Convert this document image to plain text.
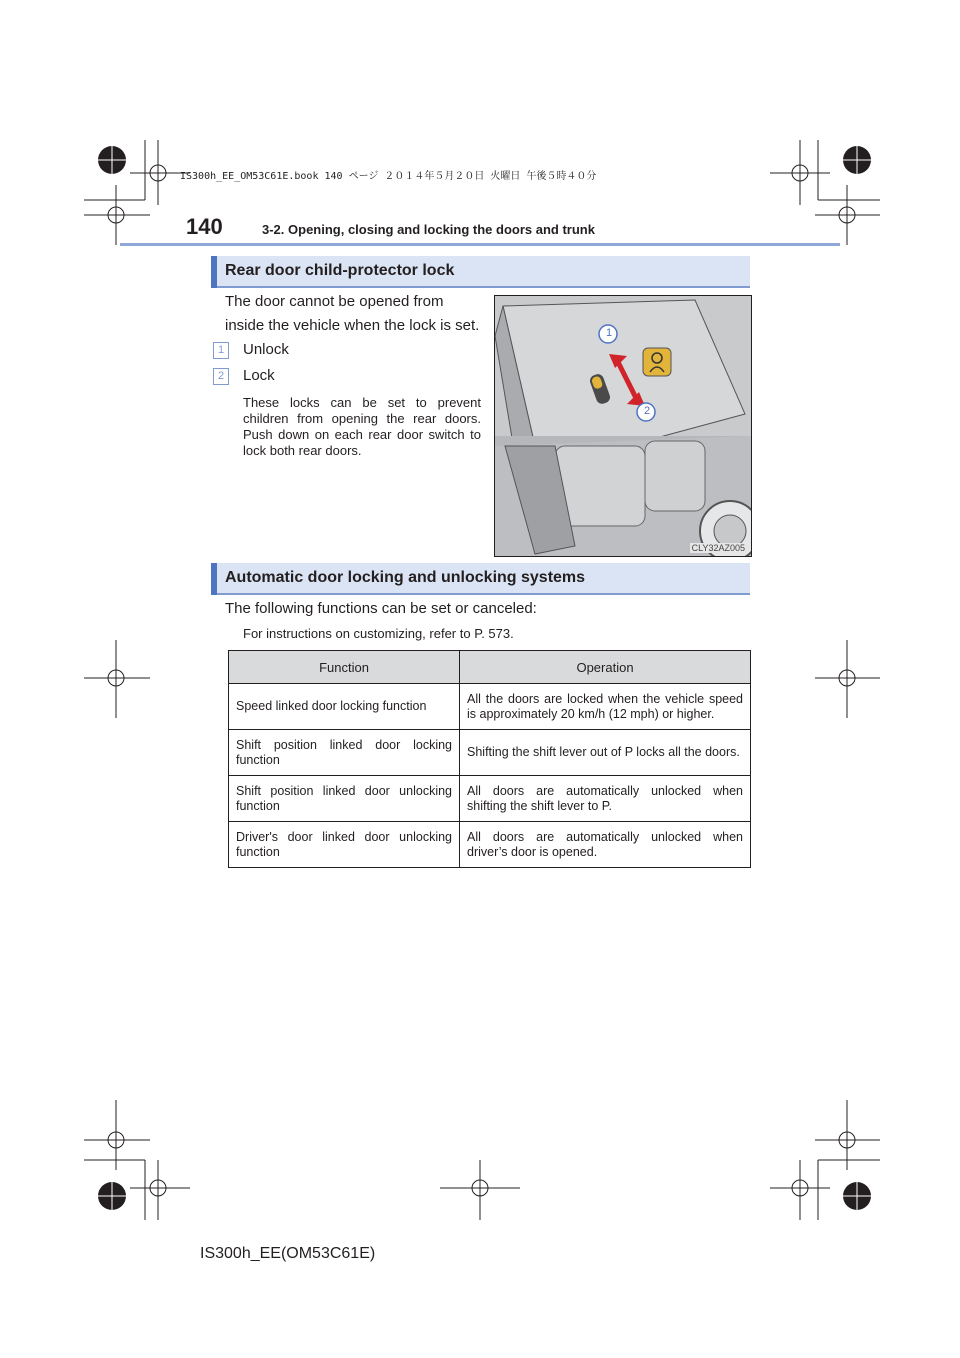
IS300h_EE_OM53C61E.book 140 ページ ２０１４年５月２０日 火曜日 午後５時４０分
140	3-2. Opening, closing and locking the doors and trunk
Rear door child-protector lock
The door cannot be opened from inside the vehicle when the lock is set.
1	Unlock
2	Lock
These locks can be set to prevent children from opening the rear doors. Push down on each rear door switch to lock both rear doors.
1
2
CLY32AZ005
Automatic door locking and unlocking systems
The following functions can be set or canceled:
For instructions on customizing, refer to P. 573.
Function	Operation
Speed linked door locking function	All the doors are locked when the vehicle speed is approximately 20 km/h (12 mph) or higher.
Shift position linked door locking function	Shifting the shift lever out of P locks all the doors.
Shift position linked door unlocking function	All doors are automatically unlocked when shifting the shift lever to P.
Driver's door linked door unlocking function	All doors are automatically unlocked when driver’s door is opened.
IS300h_EE(OM53C61E)
